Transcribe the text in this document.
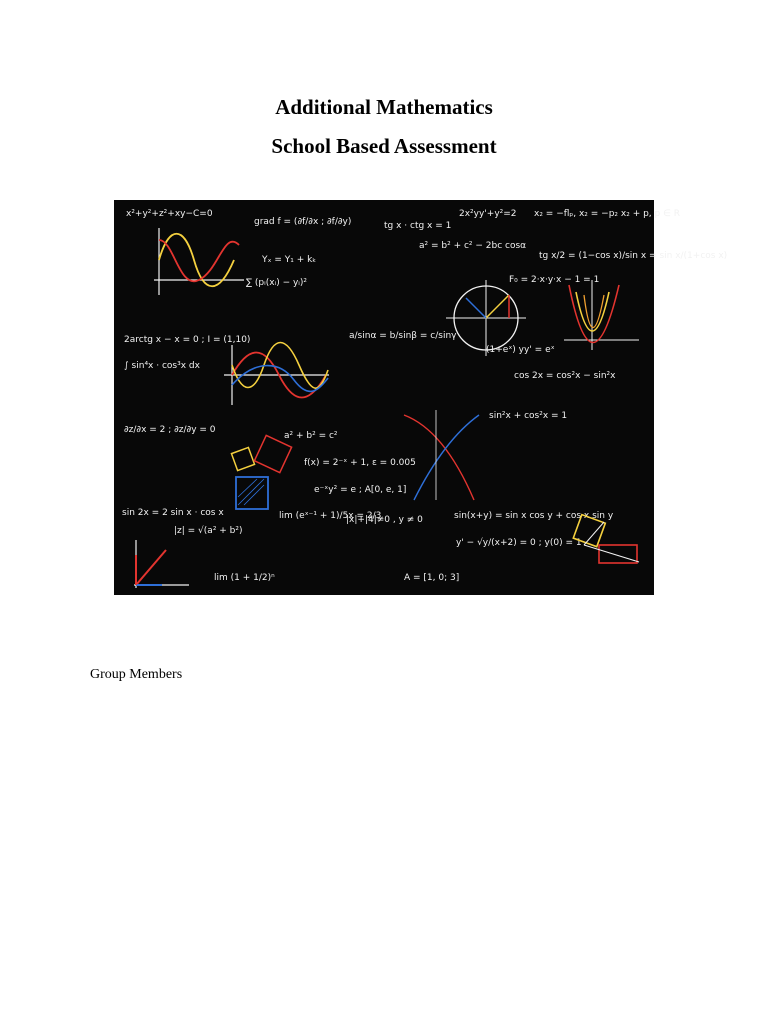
Additional Mathematics
School Based Assessment
x²+y²+z²+xy−C=0
grad f = (∂f/∂x ; ∂f/∂y)	tg x · ctg x = 1
2x²yy'+y²=2 x₂ = −flₚ, x₂ = −p₂ x₂ + p, p ∈ R
a² = b² + c² − 2bc cosα
tg x/2 = (1−cos x)/sin x = sin x/(1+cos x)
F₀ = 2·x·y·x − 1 = 1
Yₓ = Y₁ + kₖ
∑ (pᵢ(xᵢ) − yᵢ)²
2arctg x − x = 0 ; I = (1,10)	a/sinα = b/sinβ = c/sinγ
(1+eˣ) yy' = eˣ
cos 2x = cos²x − sin²x
sin²x + cos²x = 1
∫ sin⁴x · cos³x dx
∂z/∂x = 2 ; ∂z/∂y = 0
a² + b² = c²
f(x) = 2⁻ˣ + 1, ε = 0.005
e⁻ˣy² = e ; A[0, e, 1]
sin 2x = 2 sin x · cos x
|z| = √(a² + b²)
lim (eˣ⁻¹ + 1)/5x = 2/3
|x|+|4|≠0 , y ≠ 0	sin(x+y) = sin x cos y + cos x sin y
y' − √y/(x+2) = 0 ; y(0) = 1
A = [1, 0; 3]
lim (1 + 1/2)ⁿ
Group Members
